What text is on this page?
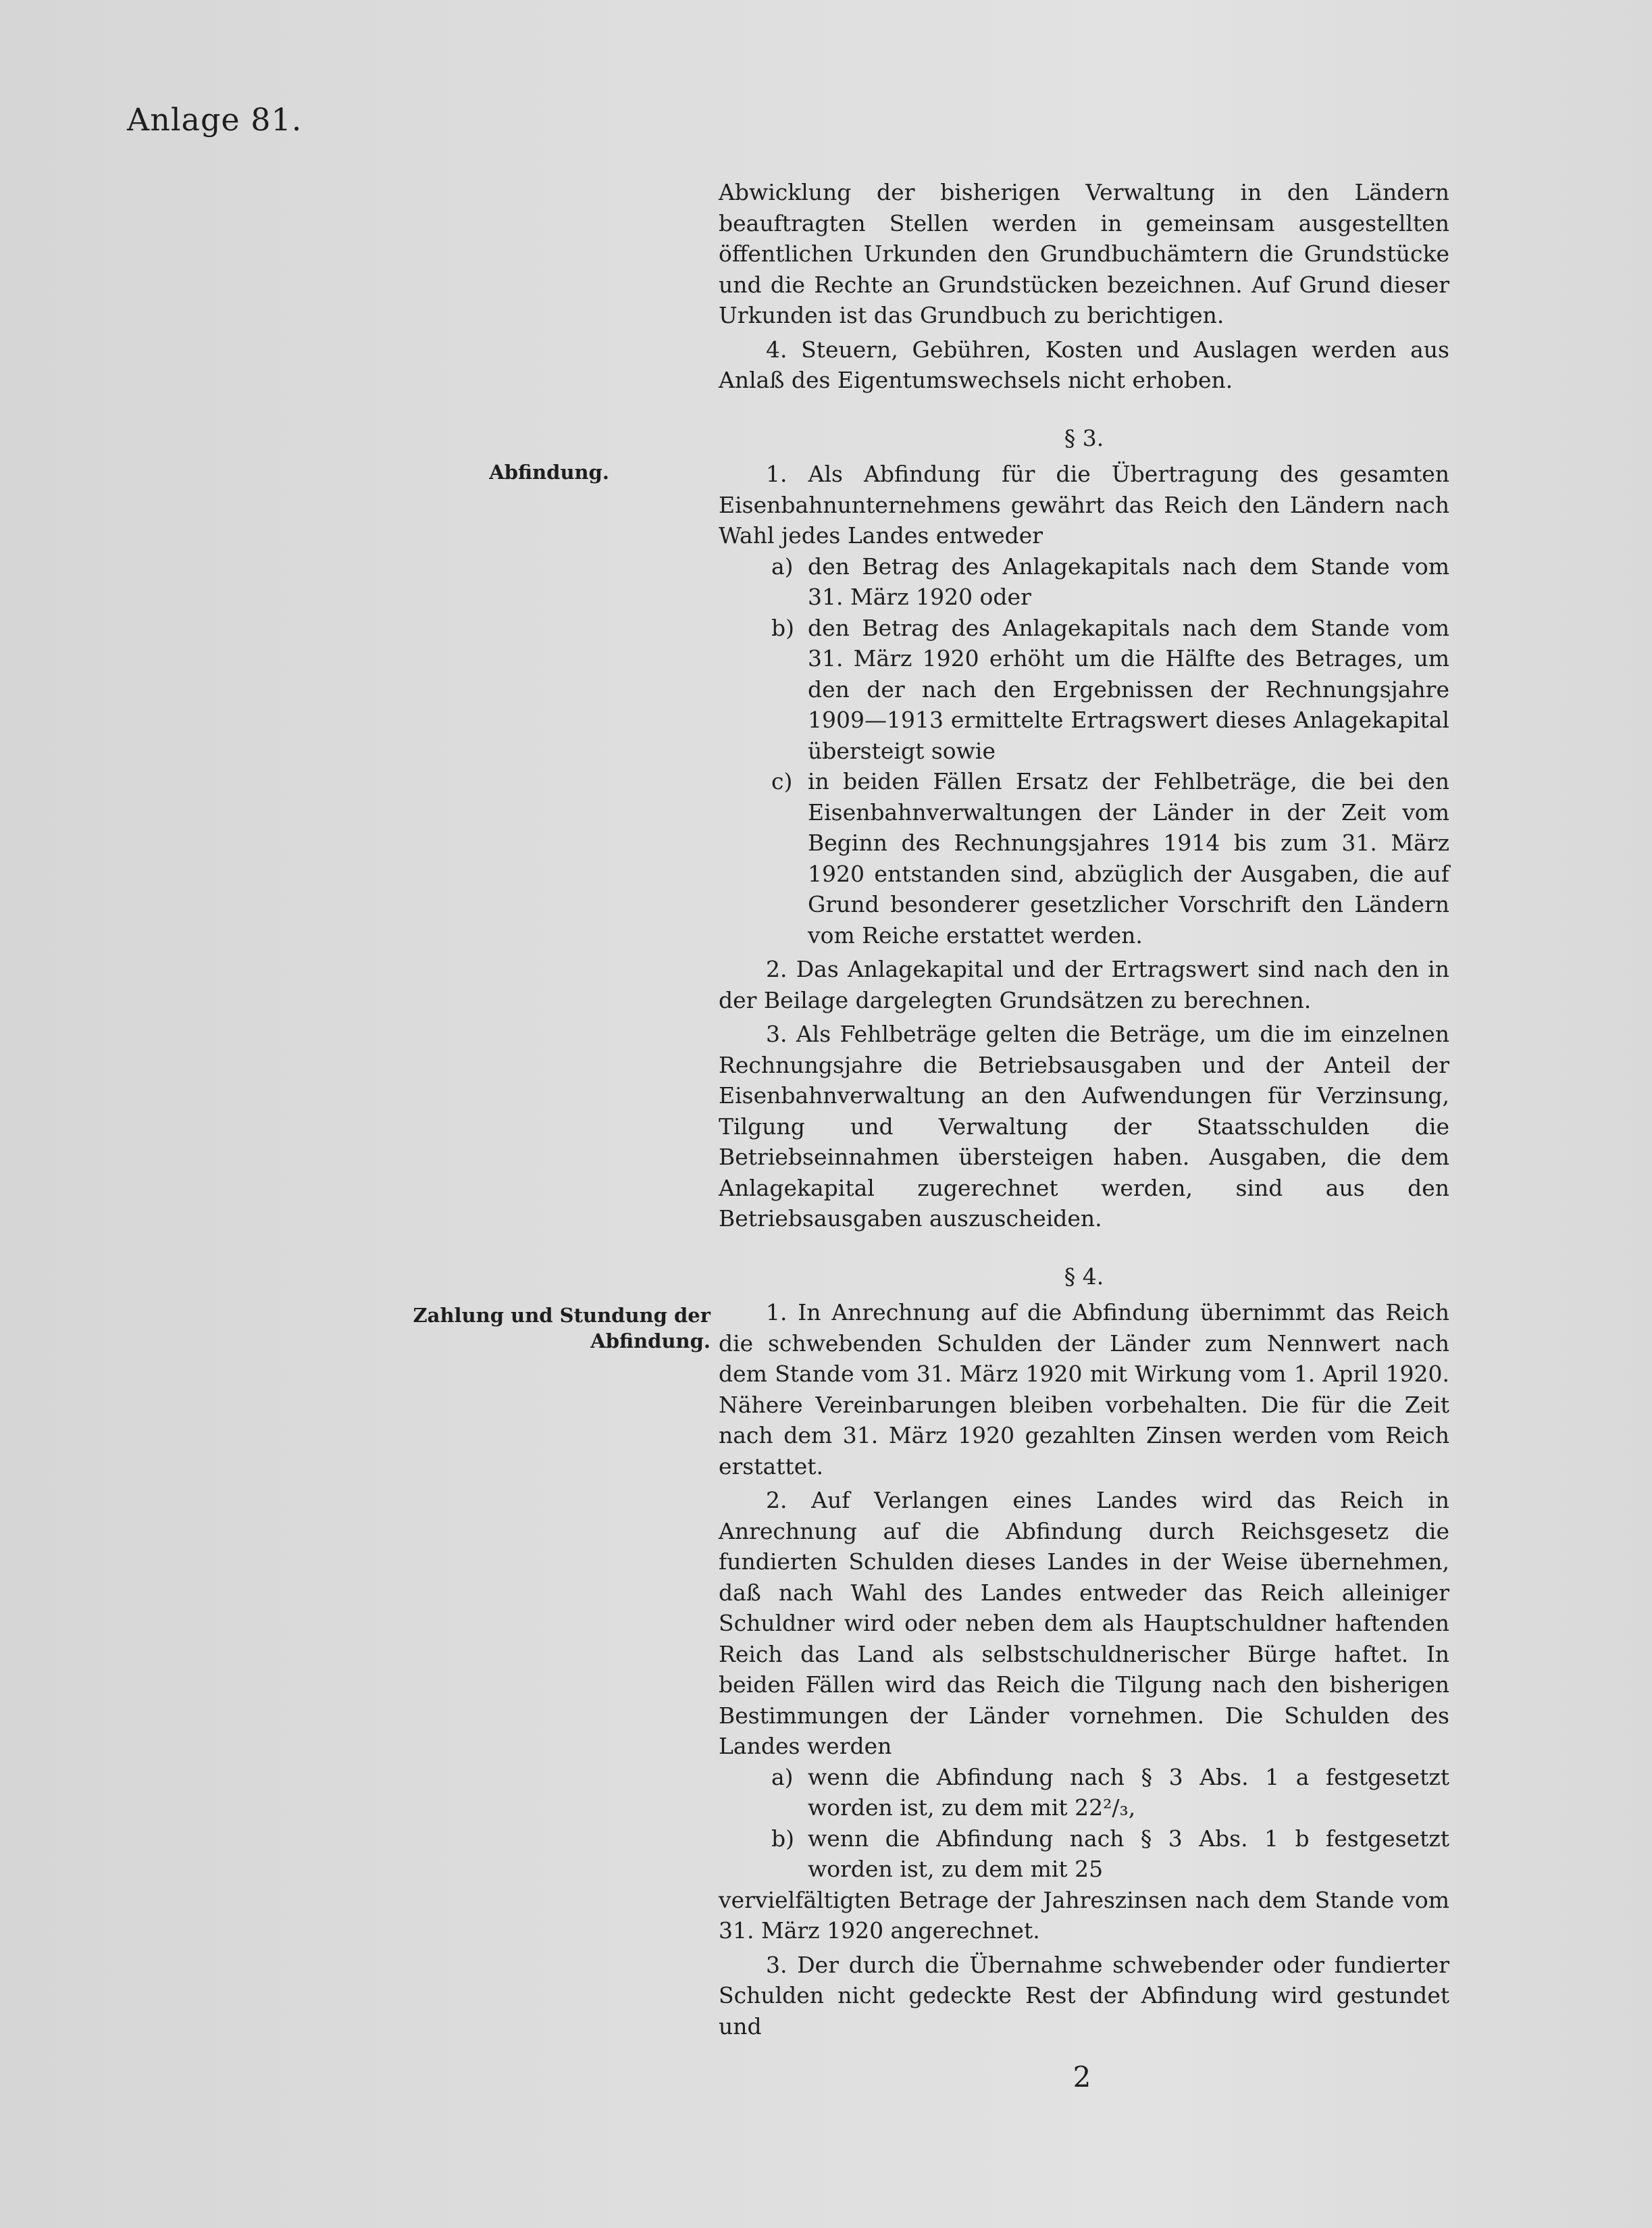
Anlage 81.
Abfindung.
Zahlung und Stundung der Abfindung.

Abwicklung der bisherigen Verwaltung in den Ländern beauftragten Stellen werden in gemeinsam ausgestellten öffentlichen Urkunden den Grundbuchämtern die Grundstücke und die Rechte an Grundstücken bezeichnen. Auf Grund dieser Urkunden ist das Grundbuch zu berichtigen.

4. Steuern, Gebühren, Kosten und Auslagen werden aus Anlaß des Eigentumswechsels nicht erhoben.

§ 3.

1. Als Abfindung für die Übertragung des gesamten Eisenbahnunternehmens gewährt das Reich den Ländern nach Wahl jedes Landes entweder

a) den Betrag des Anlagekapitals nach dem Stande vom 31. März 1920 oder

b) den Betrag des Anlagekapitals nach dem Stande vom 31. März 1920 erhöht um die Hälfte des Betrages, um den der nach den Ergebnissen der Rechnungsjahre 1909—1913 ermittelte Ertragswert dieses Anlagekapital übersteigt sowie

c) in beiden Fällen Ersatz der Fehlbeträge, die bei den Eisenbahnverwaltungen der Länder in der Zeit vom Beginn des Rechnungsjahres 1914 bis zum 31. März 1920 entstanden sind, abzüglich der Ausgaben, die auf Grund besonderer gesetzlicher Vorschrift den Ländern vom Reiche erstattet werden.

2. Das Anlagekapital und der Ertragswert sind nach den in der Beilage dargelegten Grundsätzen zu berechnen.

3. Als Fehlbeträge gelten die Beträge, um die im einzelnen Rechnungsjahre die Betriebsausgaben und der Anteil der Eisenbahnverwaltung an den Aufwendungen für Verzinsung, Tilgung und Verwaltung der Staatsschulden die Betriebseinnahmen übersteigen haben. Ausgaben, die dem Anlagekapital zugerechnet werden, sind aus den Betriebsausgaben auszuscheiden.

§ 4.

1. In Anrechnung auf die Abfindung übernimmt das Reich die schwebenden Schulden der Länder zum Nennwert nach dem Stande vom 31. März 1920 mit Wirkung vom 1. April 1920. Nähere Vereinbarungen bleiben vorbehalten. Die für die Zeit nach dem 31. März 1920 gezahlten Zinsen werden vom Reich erstattet.

2. Auf Verlangen eines Landes wird das Reich in Anrechnung auf die Abfindung durch Reichsgesetz die fundierten Schulden dieses Landes in der Weise übernehmen, daß nach Wahl des Landes entweder das Reich alleiniger Schuldner wird oder neben dem als Hauptschuldner haftenden Reich das Land als selbstschuldnerischer Bürge haftet. In beiden Fällen wird das Reich die Tilgung nach den bisherigen Bestimmungen der Länder vornehmen. Die Schulden des Landes werden

a) wenn die Abfindung nach § 3 Abs. 1 a festgesetzt worden ist, zu dem mit 22²/₃,

b) wenn die Abfindung nach § 3 Abs. 1 b festgesetzt worden ist, zu dem mit 25

vervielfältigten Betrage der Jahreszinsen nach dem Stande vom 31. März 1920 angerechnet.

3. Der durch die Übernahme schwebender oder fundierter Schulden nicht gedeckte Rest der Abfindung wird gestundet und

2
